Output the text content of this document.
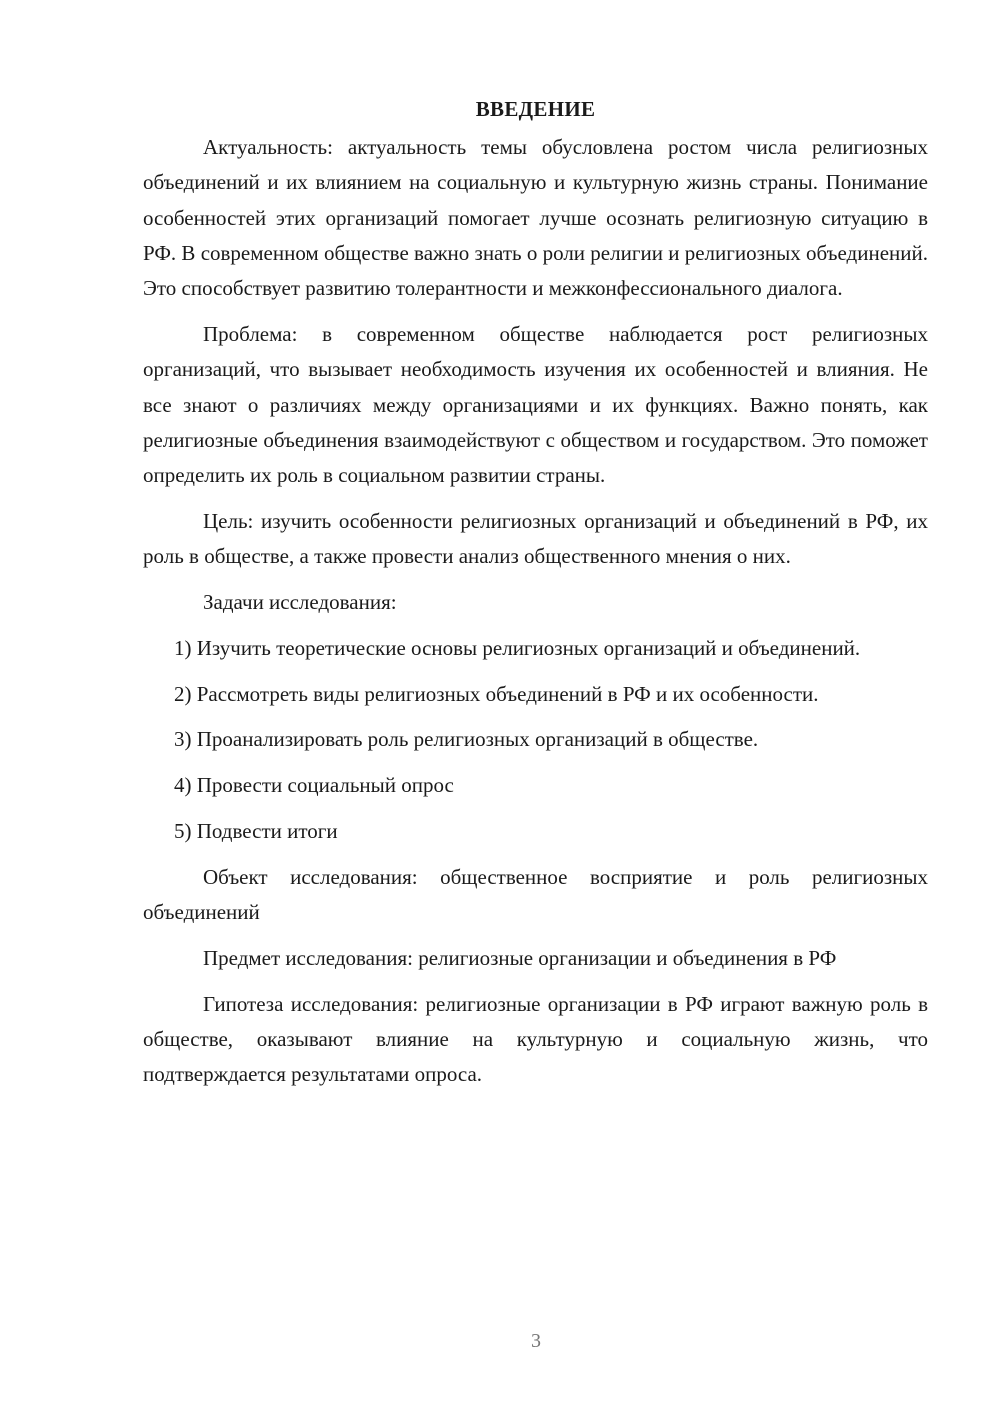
ВВЕДЕНИЕ

Актуальность: актуальность темы обусловлена ростом числа религиозных объединений и их влиянием на социальную и культурную жизнь страны. Понимание особенностей этих организаций помогает лучше осознать религиозную ситуацию в РФ. В современном обществе важно знать о роли религии и религиозных объединений. Это способствует развитию толерантности и межконфессионального диалога.

Проблема: в современном обществе наблюдается рост религиозных организаций, что вызывает необходимость изучения их особенностей и влияния. Не все знают о различиях между организациями и их функциях. Важно понять, как религиозные объединения взаимодействуют с обществом и государством. Это поможет определить их роль в социальном развитии страны.

Цель: изучить особенности религиозных организаций и объединений в РФ, их роль в обществе, а также провести анализ общественного мнения о них.

Задачи исследования:

1) Изучить теоретические основы религиозных организаций и объединений.

2) Рассмотреть виды религиозных объединений в РФ и их особенности.

3) Проанализировать роль религиозных организаций в обществе.

4) Провести социальный опрос

5) Подвести итоги

Объект исследования: общественное восприятие и роль религиозных объединений

Предмет исследования: религиозные организации и объединения в РФ

Гипотеза исследования: религиозные организации в РФ играют важную роль в обществе, оказывают влияние на культурную и социальную жизнь, что подтверждается результатами опроса.

3
